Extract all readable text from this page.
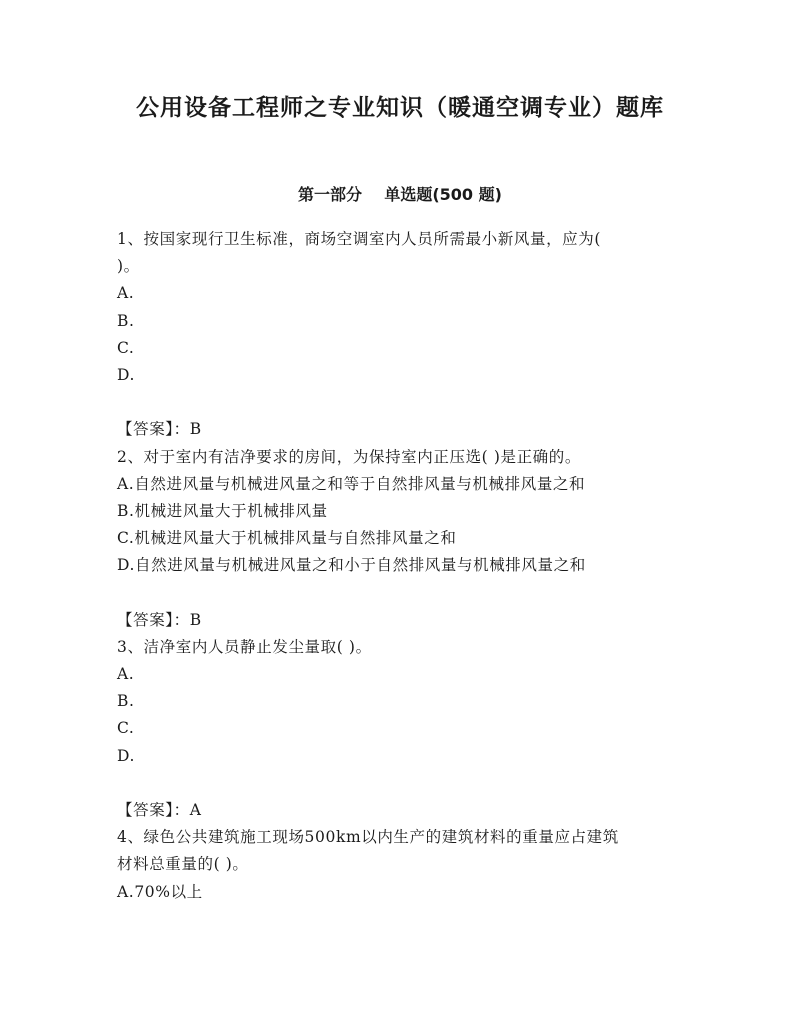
公用设备工程师之专业知识（暖通空调专业）题库
第一部分    单选题(500 题)
1、按国家现行卫生标准，商场空调室内人员所需最小新风量，应为(
)。
A.
B.
C.
D.
【答案】：B
2、对于室内有洁净要求的房间，为保持室内正压选( )是正确的。
A.自然进风量与机械进风量之和等于自然排风量与机械排风量之和
B.机械进风量大于机械排风量
C.机械进风量大于机械排风量与自然排风量之和
D.自然进风量与机械进风量之和小于自然排风量与机械排风量之和
【答案】：B
3、洁净室内人员静止发尘量取( )。
A.
B.
C.
D.
【答案】：A
4、绿色公共建筑施工现场500km以内生产的建筑材料的重量应占建筑
材料总重量的( )。
A.70%以上
